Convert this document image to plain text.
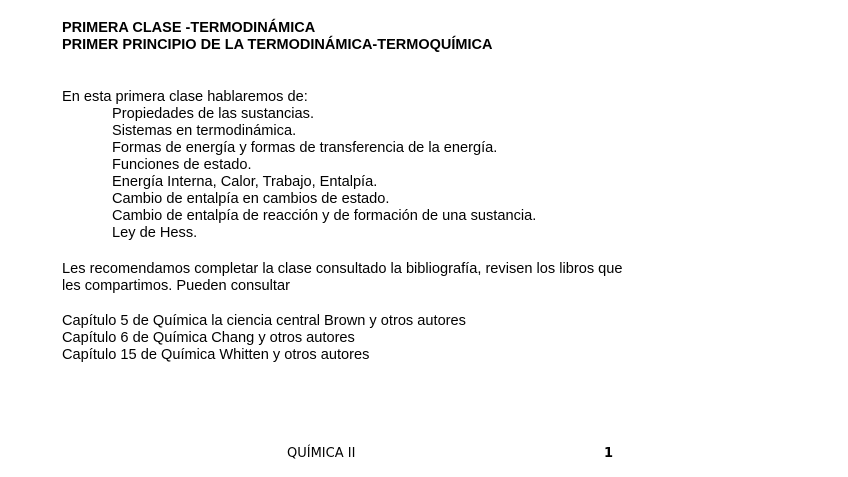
PRIMERA CLASE -TERMODINÁMICA
PRIMER PRINCIPIO DE LA TERMODINÁMICA-TERMOQUÍMICA
En esta primera clase hablaremos de:
Propiedades de las sustancias.
Sistemas en termodinámica.
Formas de energía y formas de transferencia de la energía.
Funciones de estado.
Energía Interna, Calor, Trabajo, Entalpía.
Cambio de entalpía en cambios de estado.
Cambio de entalpía de reacción y de formación de una sustancia.
Ley de Hess.
Les recomendamos completar la clase consultado la bibliografía, revisen los libros que
les compartimos. Pueden consultar
Capítulo 5 de Química la ciencia central Brown y otros autores
Capítulo 6 de Química Chang y otros autores
Capítulo 15 de Química Whitten y otros autores
QUÍMICA II	1
